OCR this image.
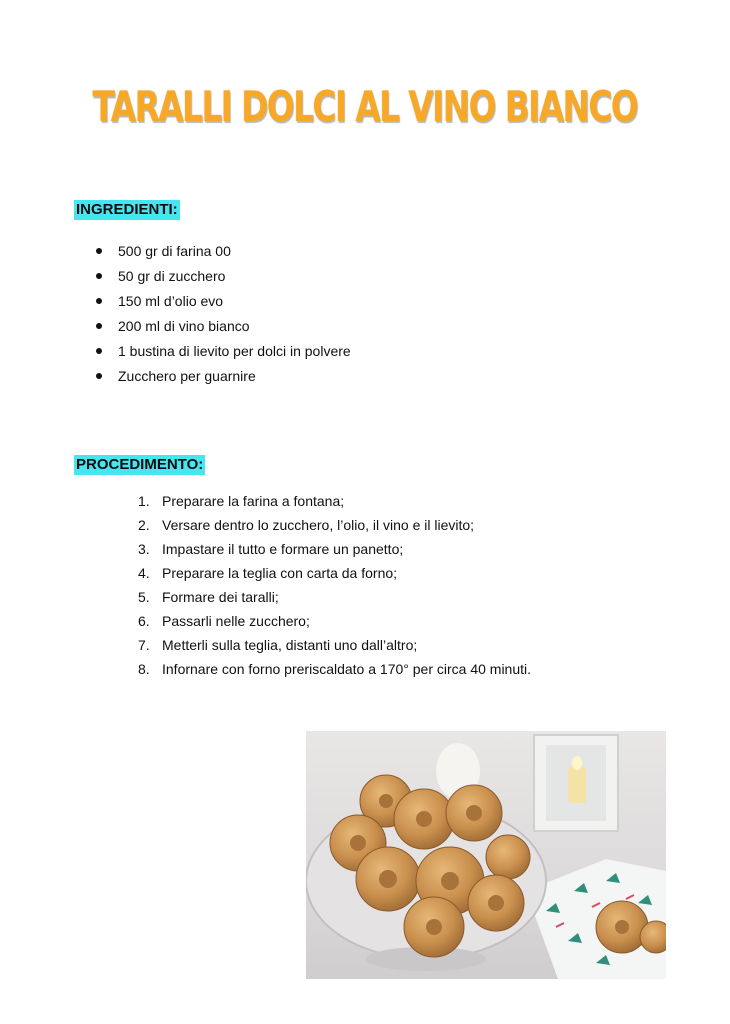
TARALLI DOLCI AL VINO BIANCO
INGREDIENTI:
500 gr di farina 00
50 gr di zucchero
150 ml d’olio evo
200 ml di vino bianco
1 bustina di lievito per dolci in polvere
Zucchero per guarnire
PROCEDIMENTO:
1. Preparare la farina a fontana;
2. Versare dentro lo zucchero, l’olio, il vino e il lievito;
3. Impastare il tutto e formare un panetto;
4. Preparare la teglia con carta da forno;
5. Formare dei taralli;
6. Passarli nelle zucchero;
7. Metterli sulla teglia, distanti uno dall’altro;
8. Infornare con forno preriscaldato a 170° per circa 40 minuti.
